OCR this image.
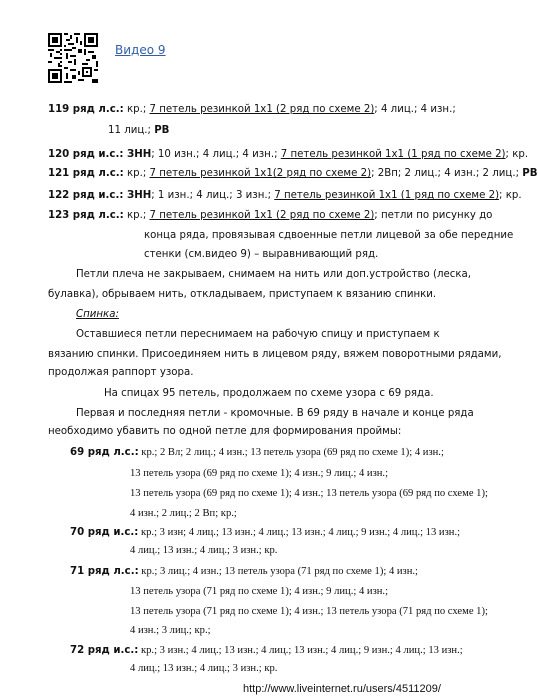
Видео 9
119 ряд л.с.: кр.; 7 петель резинкой 1х1 (2 ряд по схеме 2); 4 лиц.; 4 изн.;
11 лиц.; РВ
120 ряд и.с.: ЗНН; 10 изн.; 4 лиц.; 4 изн.; 7 петель резинкой 1х1 (1 ряд по схеме 2); кр.
121 ряд л.с.: кр.; 7 петель резинкой 1х1(2 ряд по схеме 2); 2Вп; 2 лиц.; 4 изн.; 2 лиц.; РВ
122 ряд и.с.: ЗНН; 1 изн.; 4 лиц.; 3 изн.; 7 петель резинкой 1х1 (1 ряд по схеме 2); кр.
123 ряд л.с.: кр.; 7 петель резинкой 1х1 (2 ряд по схеме 2); петли по рисунку до
конца ряда, провязывая сдвоенные петли лицевой за обе передние
стенки (см.видео 9) – выравнивающий ряд.
Петли плеча не закрываем, снимаем на нить или доп.устройство (леска,
булавка), обрываем нить, откладываем, приступаем к вязанию спинки.
Спинка:
Оставшиеся петли переснимаем на рабочую спицу и приступаем к
вязанию спинки. Присоединяем нить в лицевом ряду, вяжем поворотными рядами,
продолжая раппорт узора.
На спицах 95 петель, продолжаем по схеме узора с 69 ряда.
Первая и последняя петли - кромочные. В 69 ряду в начале и конце ряда
необходимо убавить по одной петле для формирования проймы:
69 ряд л.с.: кр.; 2 Вл; 2 лиц.; 4 изн.; 13 петель узора (69 ряд по схеме 1); 4 изн.;
13 петель узора (69 ряд по схеме 1); 4 изн.; 9 лиц.; 4 изн.;
13 петель узора (69 ряд по схеме 1); 4 изн.; 13 петель узора (69 ряд по схеме 1);
4 изн.; 2 лиц.; 2 Вп; кр.;
70 ряд и.с.: кр.; 3 изн; 4 лиц.; 13 изн.; 4 лиц.; 13 изн.; 4 лиц.; 9 изн.; 4 лиц.; 13 изн.;
4 лиц.; 13 изн.; 4 лиц.; 3 изн.; кр.
71 ряд л.с.: кр.; 3 лиц.; 4 изн.; 13 петель узора (71 ряд по схеме 1); 4 изн.;
13 петель узора (71 ряд по схеме 1); 4 изн.; 9 лиц.; 4 изн.;
13 петель узора (71 ряд по схеме 1); 4 изн.; 13 петель узора (71 ряд по схеме 1);
4 изн.; 3 лиц.; кр.;
72 ряд и.с.: кр.; 3 изн.; 4 лиц.; 13 изн.; 4 лиц.; 13 изн.; 4 лиц.; 9 изн.; 4 лиц.; 13 изн.;
4 лиц.; 13 изн.; 4 лиц.; 3 изн.; кр.
http://www.liveinternet.ru/users/4511209/
